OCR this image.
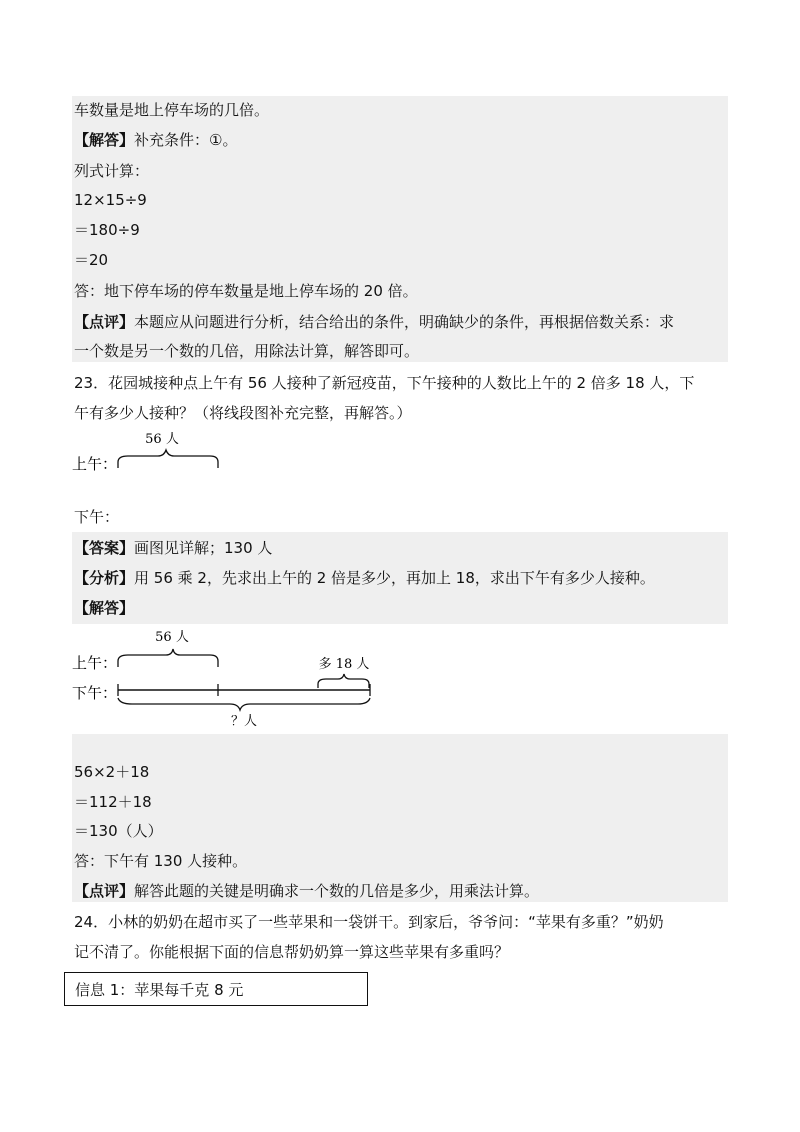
车数量是地上停车场的几倍。
【解答】补充条件：①。
列式计算：
12×15÷9
＝180÷9
＝20
答：地下停车场的停车数量是地上停车场的 20 倍。
【点评】本题应从问题进行分析，结合给出的条件，明确缺少的条件，再根据倍数关系：求
一个数是另一个数的几倍，用除法计算，解答即可。
23．花园城接种点上午有 56 人接种了新冠疫苗，下午接种的人数比上午的 2 倍多 18 人，下
午有多少人接种？（将线段图补充完整，再解答。）
56 人
上午：
下午：
【答案】画图见详解；130 人
【分析】用 56 乘 2，先求出上午的 2 倍是多少，再加上 18，求出下午有多少人接种。
【解答】
56 人
上午：	多 18 人
下午：
？人
56×2＋18
＝112＋18
＝130（人）
答：下午有 130 人接种。
【点评】解答此题的关键是明确求一个数的几倍是多少，用乘法计算。
24．小林的奶奶在超市买了一些苹果和一袋饼干。到家后，爷爷问：“苹果有多重？”奶奶
记不清了。你能根据下面的信息帮奶奶算一算这些苹果有多重吗？
信息 1：苹果每千克 8 元
